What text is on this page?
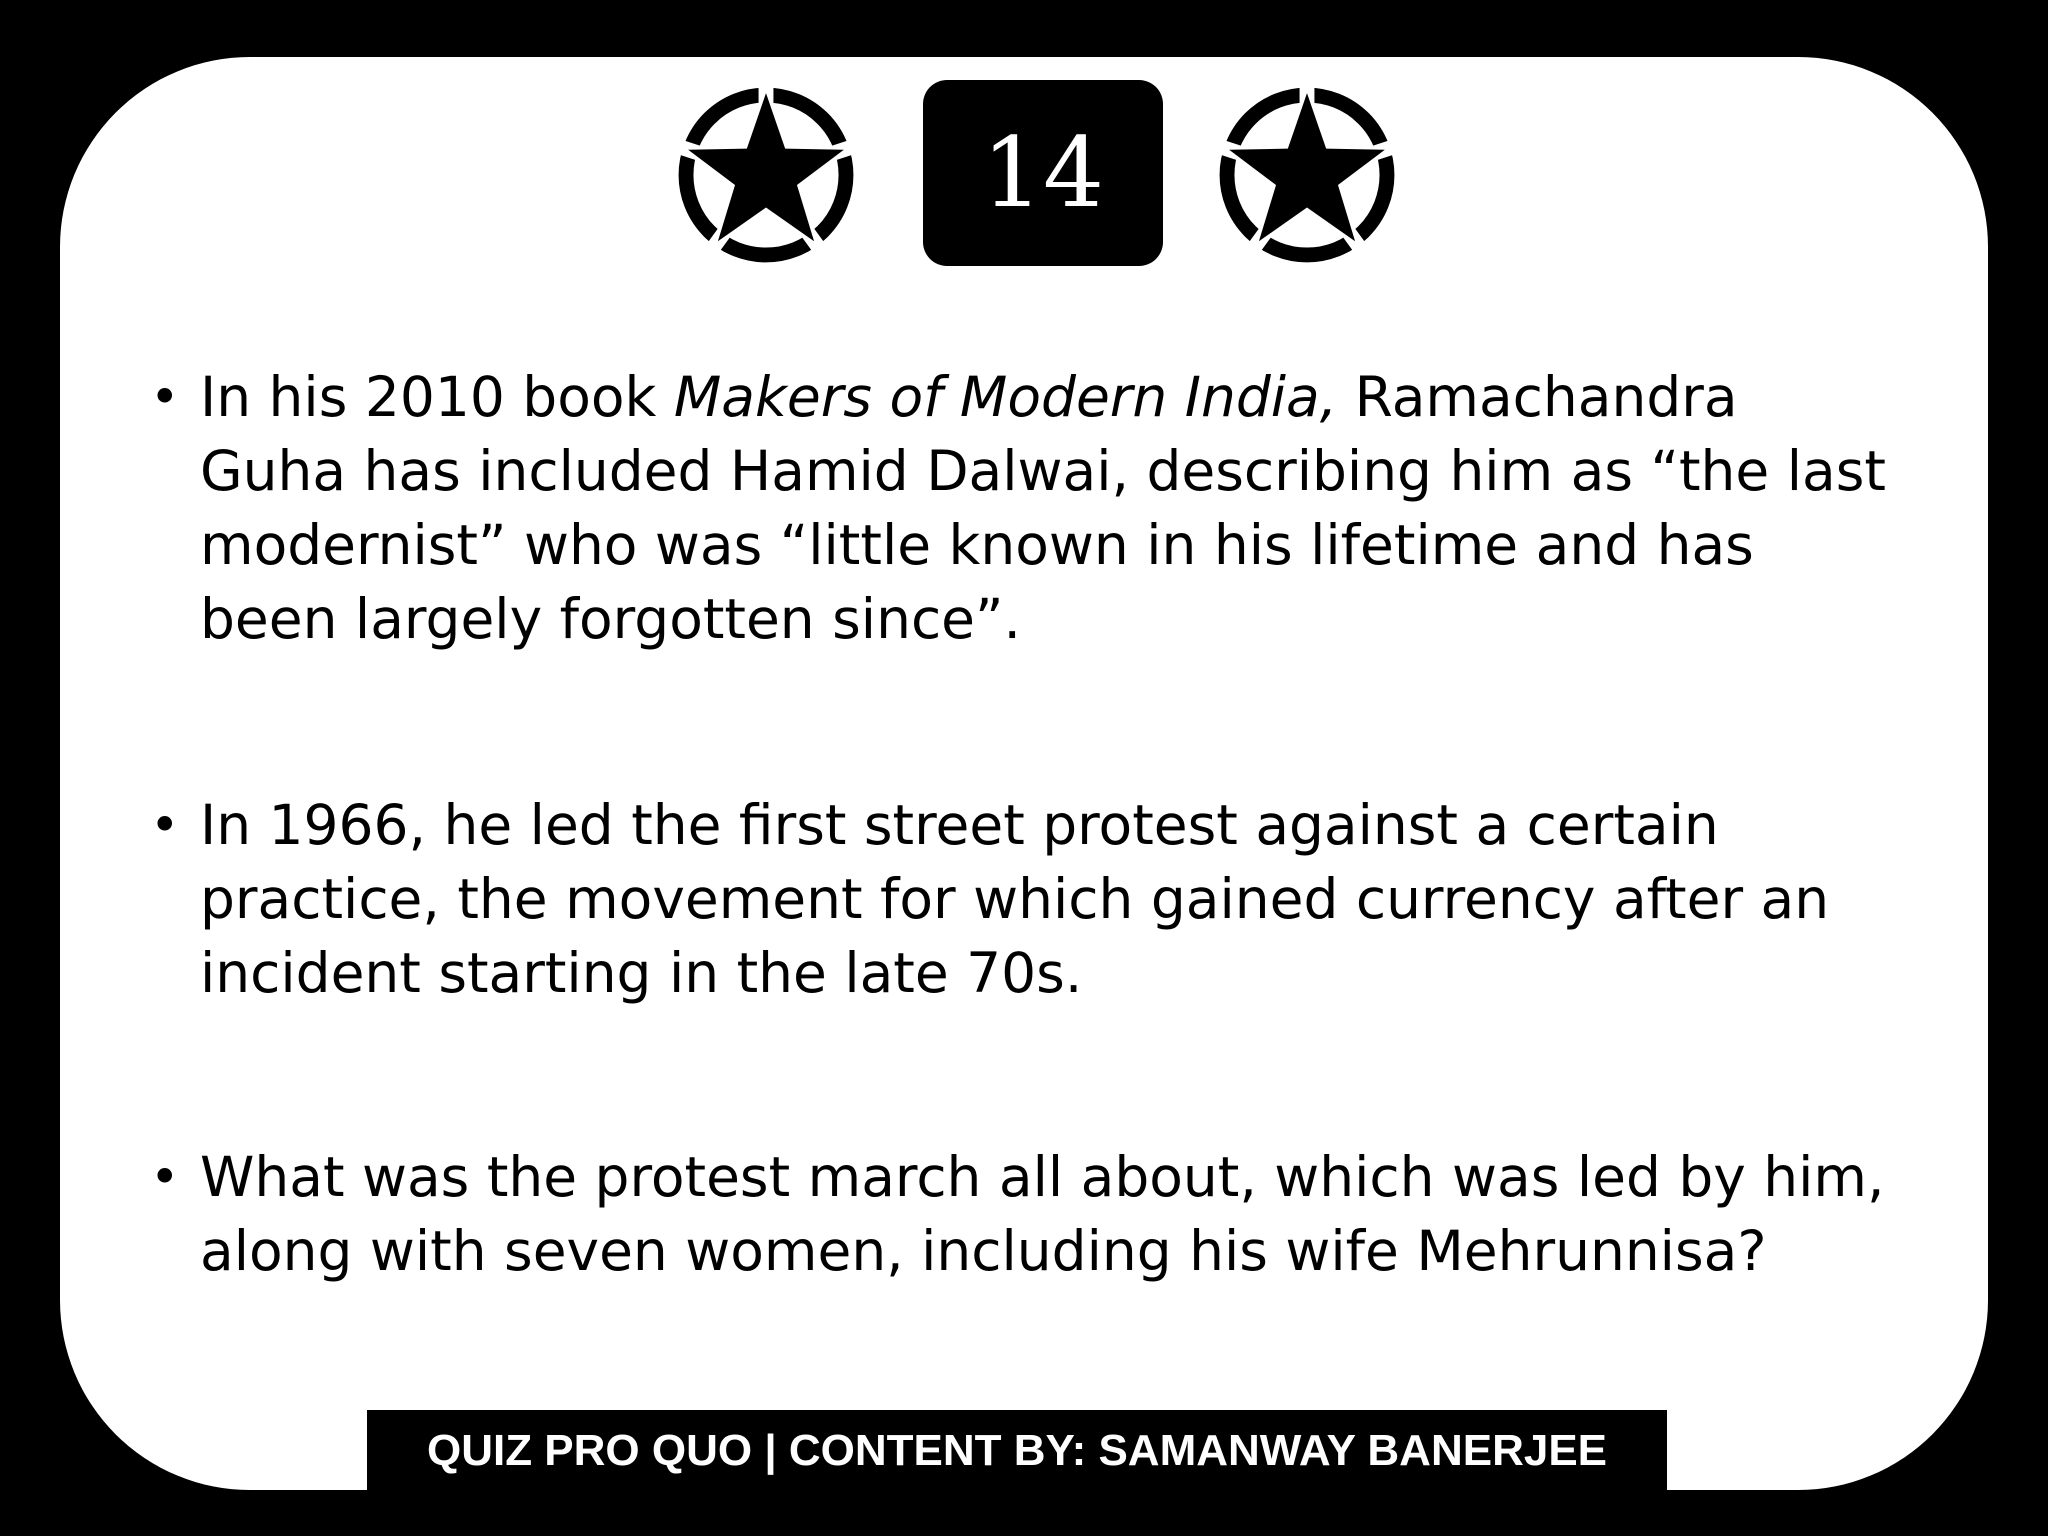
14
• In his 2010 book Makers of Modern India, Ramachandra Guha has included Hamid Dalwai, describing him as “the last modernist” who was “little known in his lifetime and has been largely forgotten since”.
• In 1966, he led the first street protest against a certain practice, the movement for which gained currency after an incident starting in the late 70s.
• What was the protest march all about, which was led by him, along with seven women, including his wife Mehrunnisa?
QUIZ PRO QUO | CONTENT BY: SAMANWAY BANERJEE
